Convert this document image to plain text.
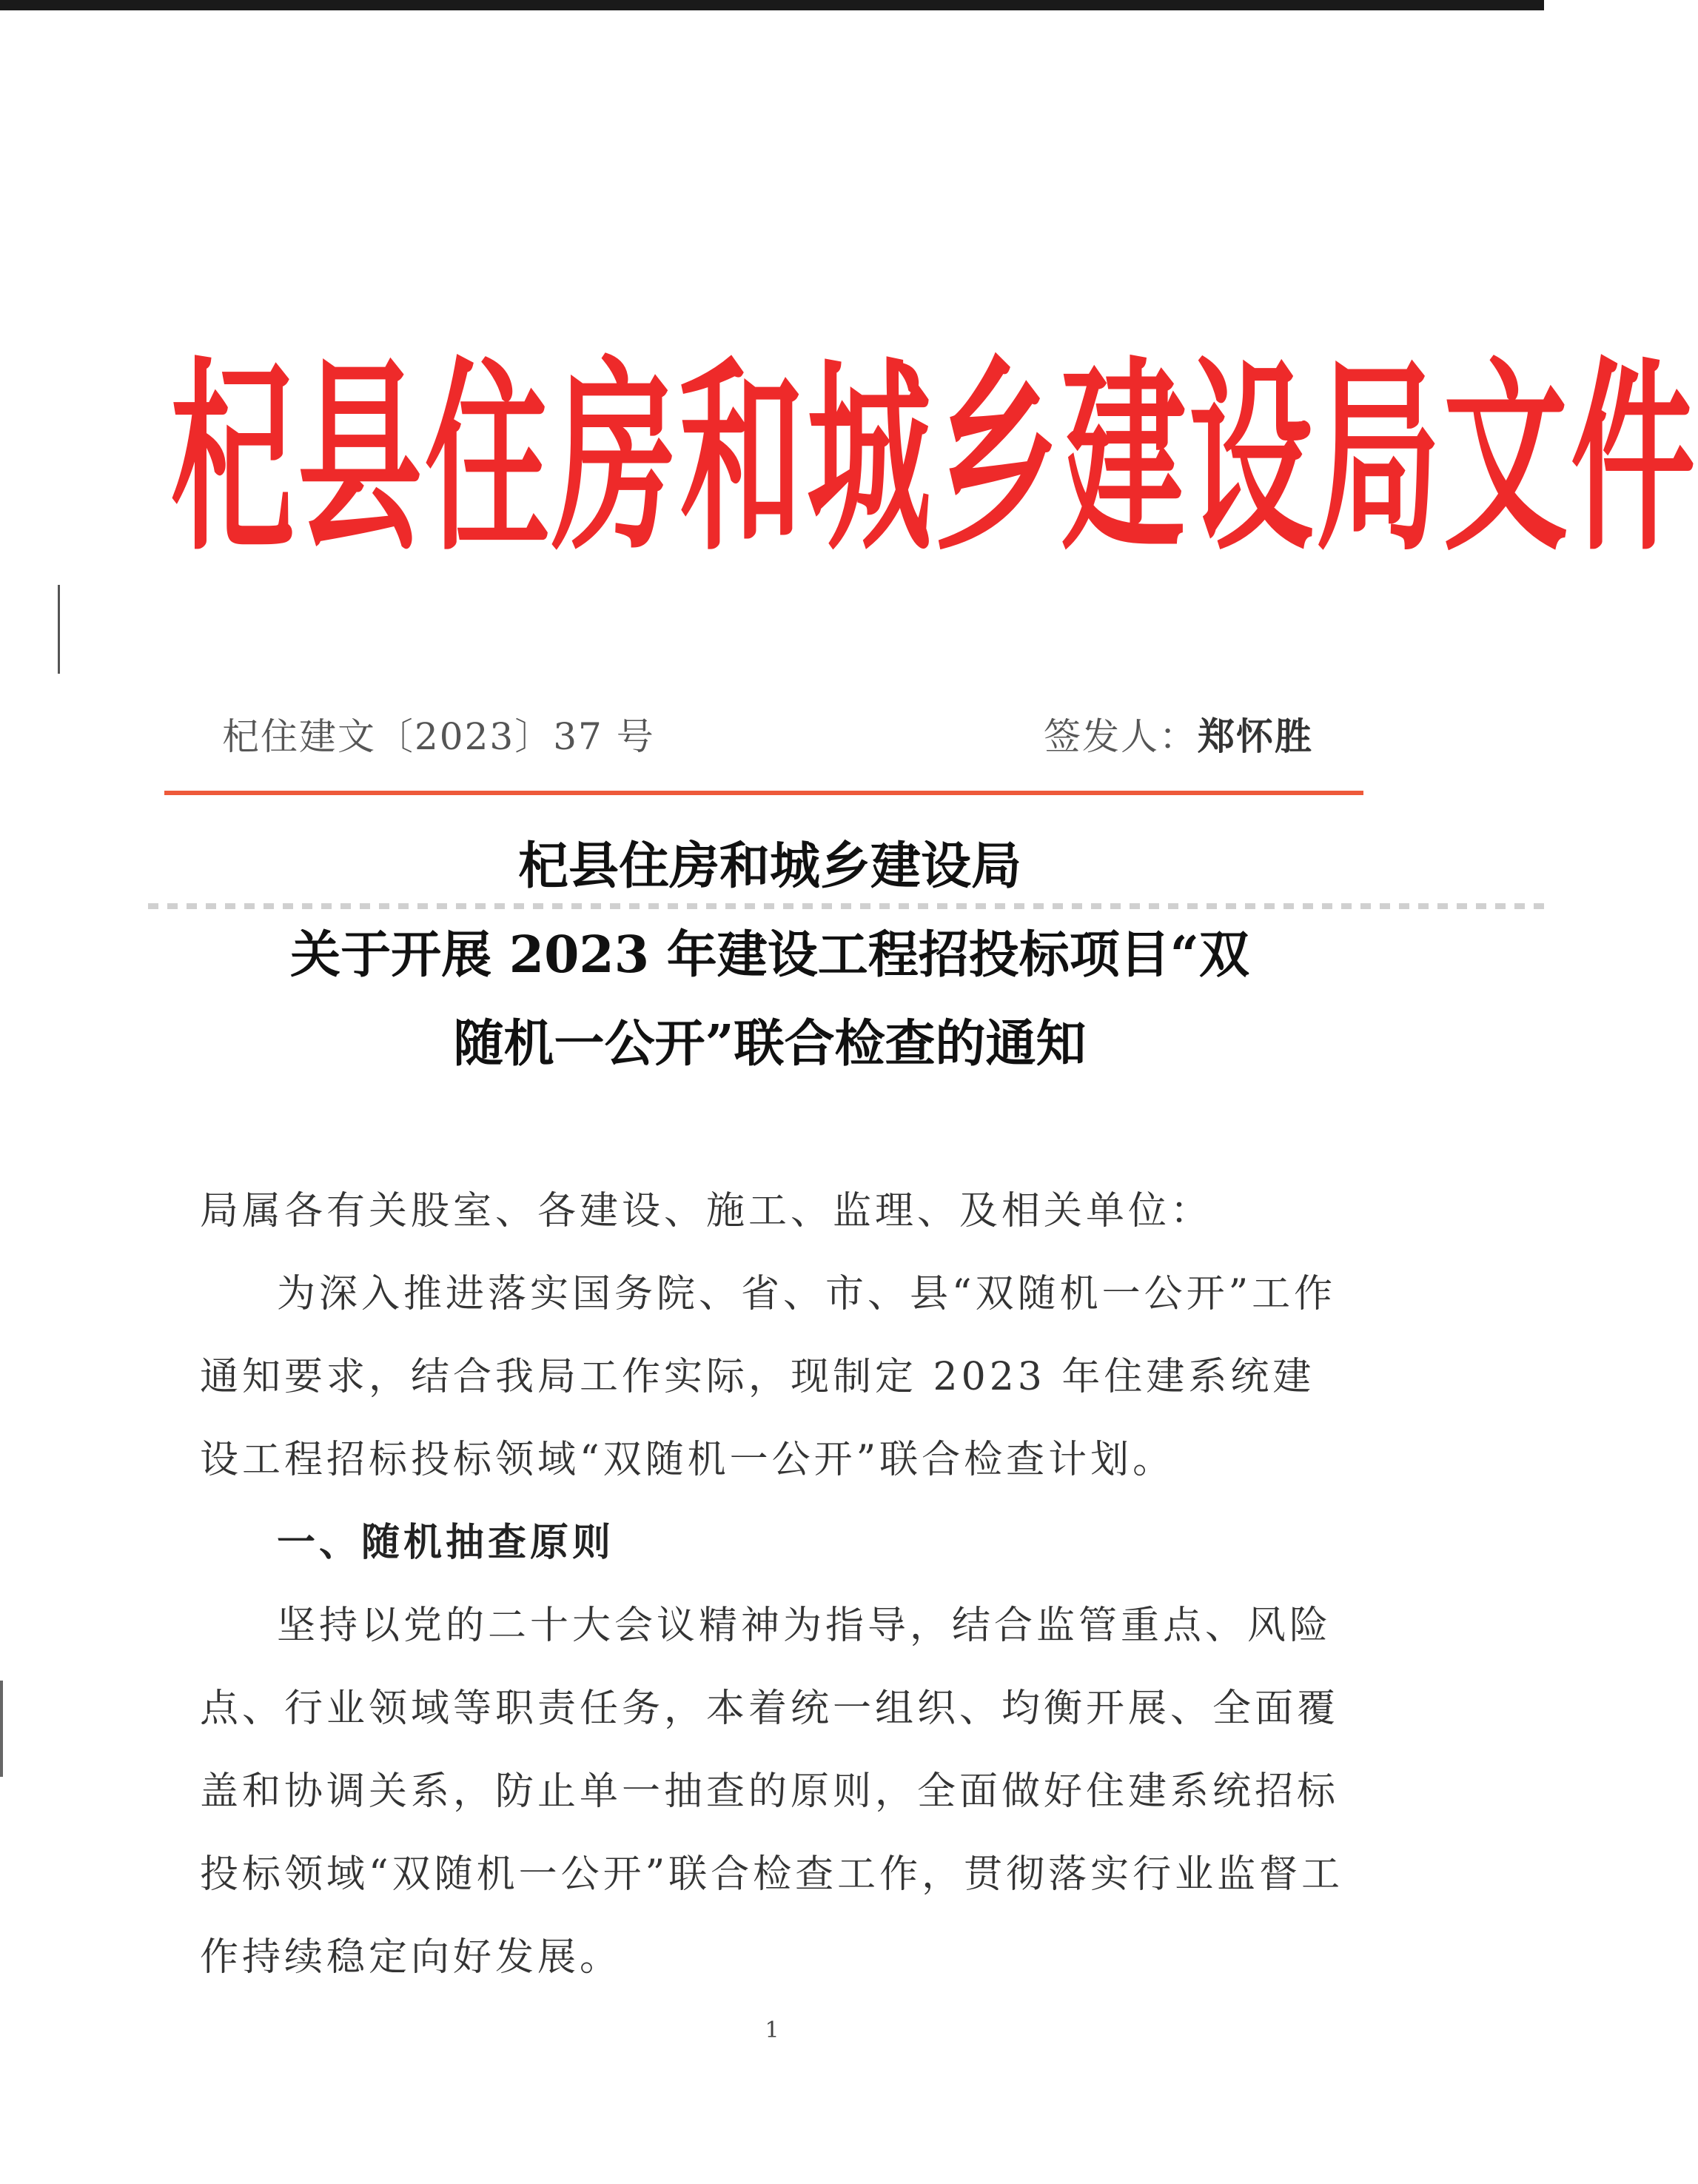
杞县住房和城乡建设局文件
杞住建文〔2023〕37 号	签发人：郑怀胜
杞县住房和城乡建设局
关于开展 2023 年建设工程招投标项目“双
随机一公开”联合检查的通知

局属各有关股室、各建设、施工、监理、及相关单位：

为深入推进落实国务院、省、市、县“双随机一公开”工作通知要求，结合我局工作实际，现制定 2023 年住建系统建设工程招标投标领域“双随机一公开”联合检查计划。

一、随机抽查原则

坚持以党的二十大会议精神为指导，结合监管重点、风险点、行业领域等职责任务，本着统一组织、均衡开展、全面覆盖和协调关系，防止单一抽查的原则，全面做好住建系统招标投标领域“双随机一公开”联合检查工作，贯彻落实行业监督工作持续稳定向好发展。

1
